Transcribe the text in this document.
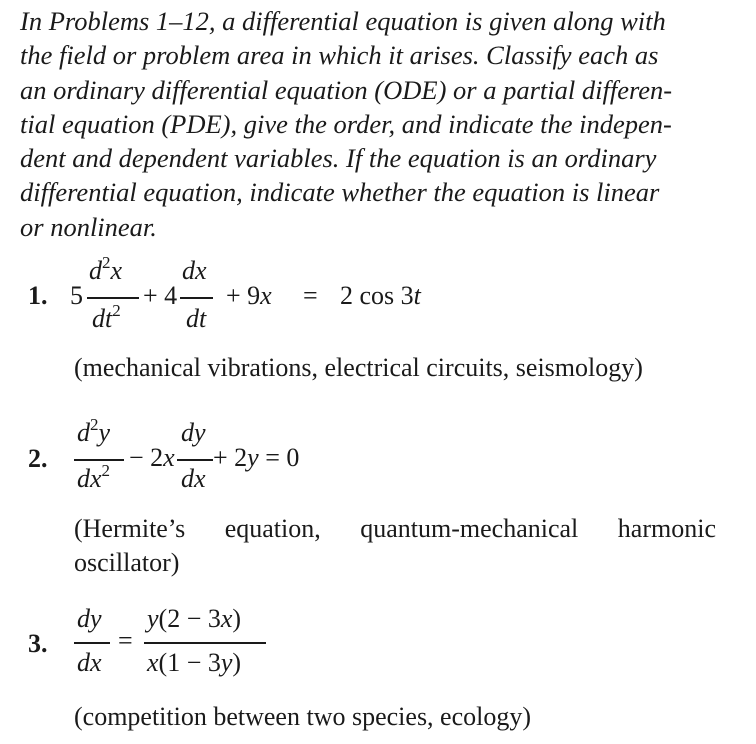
In Problems 1–12, a differential equation is given along with
the field or problem area in which it arises. Classify each as
an ordinary differential equation (ODE) or a partial differen-
tial equation (PDE), give the order, and indicate the indepen-
dent and dependent variables. If the equation is an ordinary
differential equation, indicate whether the equation is linear
or nonlinear.
1. 5
$d^2x$
$dt^2$
+ 4
dx
dt
+ 9x = 2 cos 3t
(mechanical vibrations, electrical circuits, seismology)
2.
$d^2y$
$dx^2 - 2x$
dy
dx
+ 2y = 0
(Hermite’s equation, quantum-mechanical harmonic
oscillator)
3.
dy
dx
=
y(2 − 3x)
x(1 − 3y)
(competition between two species, ecology)
